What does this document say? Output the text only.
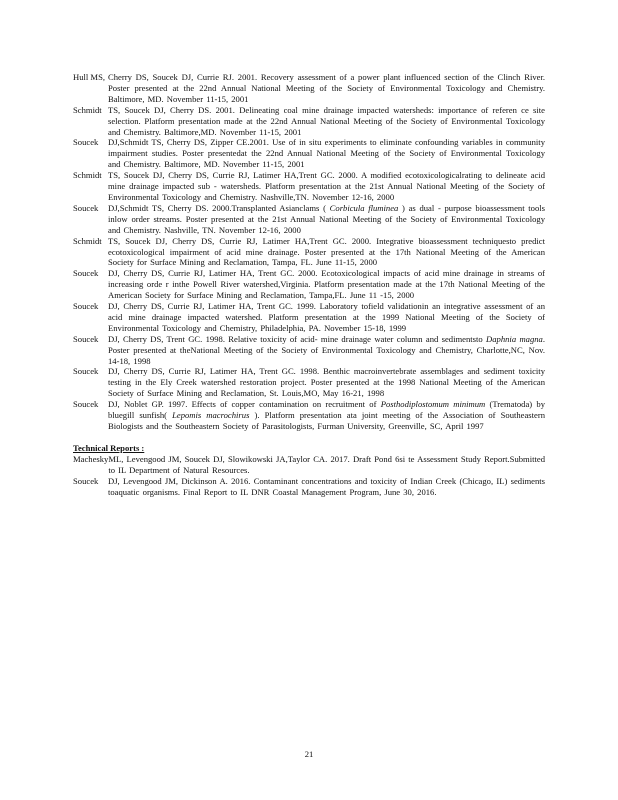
Hull MS, Cherry DS, Soucek DJ, Currie RJ. 2001. Recovery assessment of a power plant influenced section of the Clinch River. Poster presented at the 22nd Annual National Meeting of the Society of Environmental Toxicology and Chemistry. Baltimore, MD. November 11-15, 2001
Schmidt TS, Soucek DJ, Cherry DS. 2001. Delineating coal mine drainage impacted watersheds: importance of referen ce site selection. Platform presentation made at the 22nd Annual National Meeting of the Society of Environmental Toxicology and Chemistry. Baltimore,MD. November 11-15, 2001
Soucek	DJ,Schmidt TS, Cherry DS, Zipper CE.2001. Use of in situ experiments to eliminate confounding variables in community impairment studies. Poster presentedat the 22nd Annual National Meeting of the Society of Environmental Toxicology and Chemistry. Baltimore, MD. November 11-15, 2001
Schmidt TS, Soucek DJ, Cherry DS, Currie RJ, Latimer HA,Trent GC. 2000. A modified ecotoxicologicalrating to delineate acid mine drainage impacted sub - watersheds. Platform presentation at the 21st Annual National Meeting of the Society of Environmental Toxicology and Chemistry. Nashville,TN. November 12-16, 2000
Soucek	DJ,Schmidt TS, Cherry DS. 2000.Transplanted Asianclams ( Corbicula fluminea ) as dual - purpose bioassessment tools inlow order streams. Poster presented at the 21st Annual National Meeting of the Society of Environmental Toxicology and Chemistry. Nashville, TN. November 12-16, 2000
Schmidt TS, Soucek DJ, Cherry DS, Currie RJ, Latimer HA,Trent GC. 2000. Integrative bioassessment techniquesto predict ecotoxicological impairment of acid mine drainage. Poster presented at the 17th National Meeting of the American Society for Surface Mining and Reclamation, Tampa, FL. June 11-15, 2000
Soucek	DJ, Cherry DS, Currie RJ, Latimer HA, Trent GC. 2000. Ecotoxicological impacts of acid mine drainage in streams of increasing orde r inthe Powell River watershed,Virginia. Platform presentation made at the 17th National Meeting of the American Society for Surface Mining and Reclamation, Tampa,FL. June 11 -15, 2000
Soucek	DJ, Cherry DS, Currie RJ, Latimer HA, Trent GC. 1999. Laboratory tofield validationin an integrative assessment of an acid mine drainage impacted watershed. Platform presentation at the 1999 National Meeting of the Society of Environmental Toxicology and Chemistry, Philadelphia, PA. November 15-18, 1999
Soucek	DJ, Cherry DS, Trent GC. 1998. Relative toxicity of acid- mine drainage water column and sedimentsto Daphnia magna. Poster presented at theNational Meeting of the Society of Environmental Toxicology and Chemistry, Charlotte,NC, Nov. 14-18, 1998
Soucek	DJ, Cherry DS, Currie RJ, Latimer HA, Trent GC. 1998. Benthic macroinvertebrate assemblages and sediment toxicity testing in the Ely Creek watershed restoration project. Poster presented at the 1998 National Meeting of the American Society of Surface Mining and Reclamation, St. Louis,MO, May 16-21, 1998
Soucek	DJ, Noblet GP. 1997. Effects of copper contamination on recruitment of Posthodiplostomum minimum (Trematoda) by bluegill sunfish( Lepomis macrochirus ). Platform presentation ata joint meeting of the Association of Southeastern Biologists and the Southeastern Society of Parasitologists, Furman University, Greenville, SC, April 1997
Technical Reports :
Machesky ML, Levengood JM, Soucek DJ, Slowikowski JA,Taylor CA. 2017. Draft Pond 6si te Assessment Study Report.Submitted to IL Department of Natural Resources.
Soucek	DJ, Levengood JM, Dickinson A. 2016. Contaminant concentrations and toxicity of Indian Creek (Chicago, IL) sediments toaquatic organisms. Final Report to IL DNR Coastal Management Program, June 30, 2016.
21
